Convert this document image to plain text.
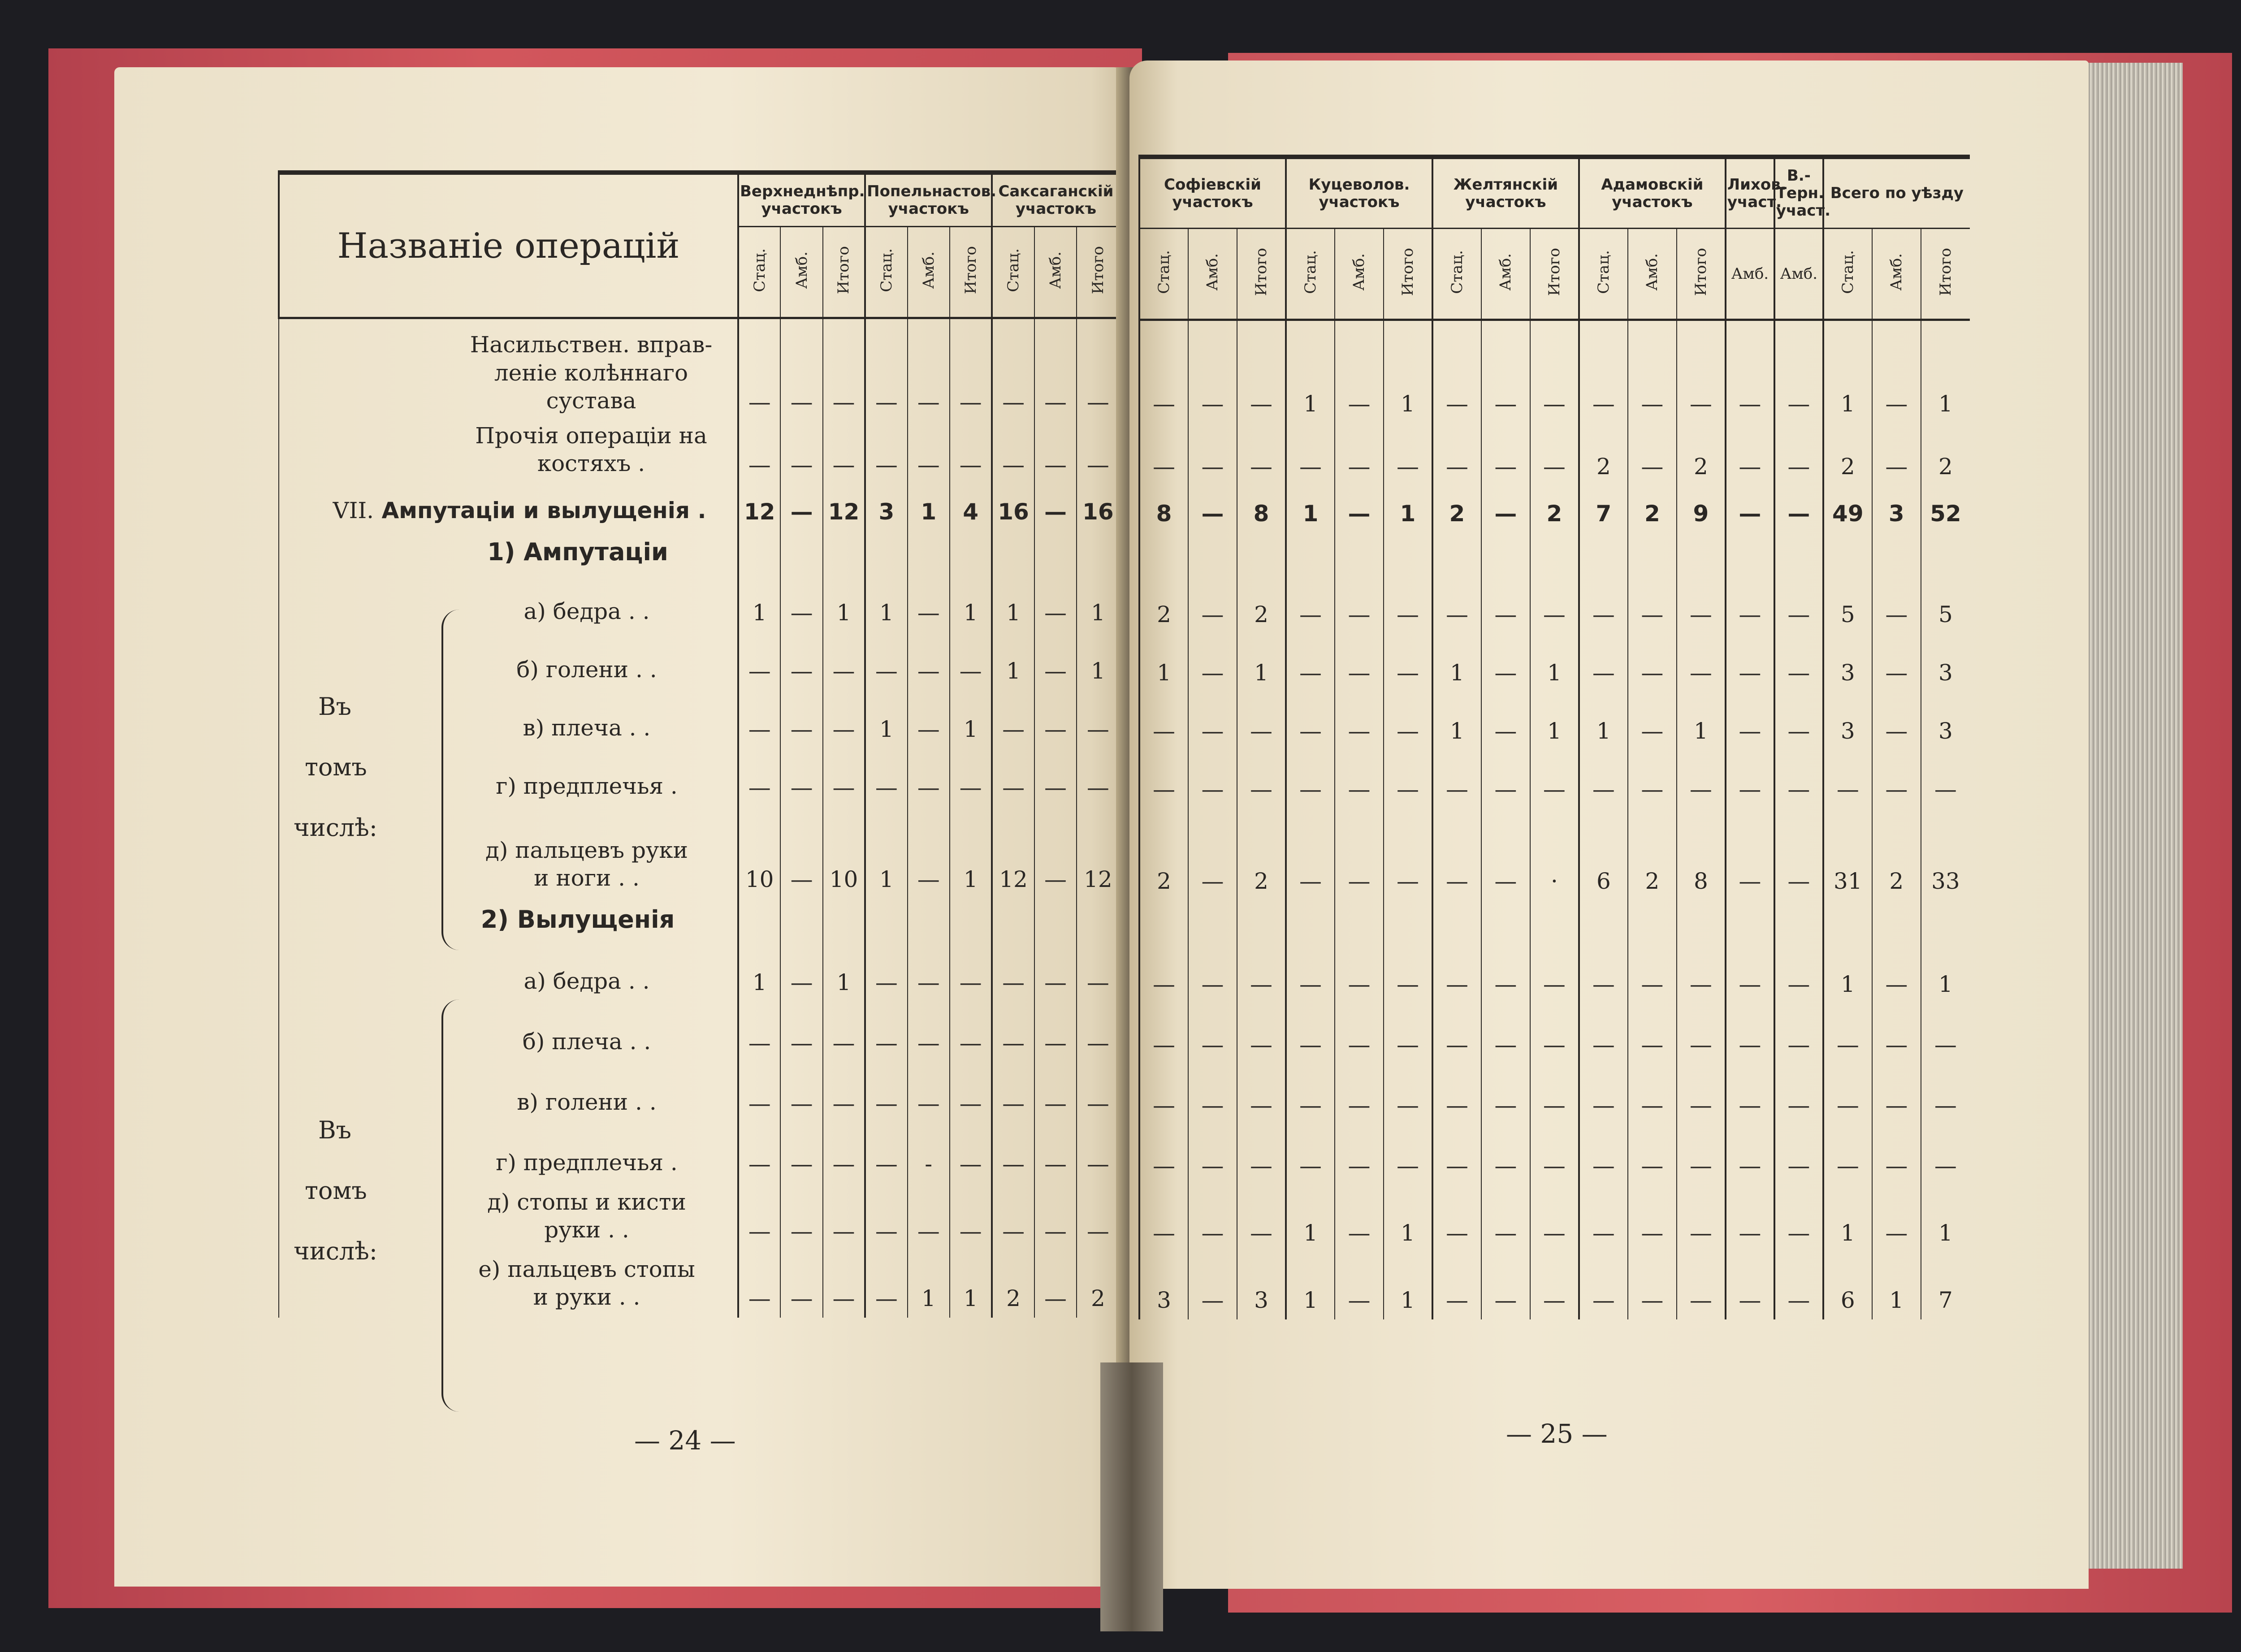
Названіе операцій	Верхнеднѣпр. участокъ			Попельнастов. участокъ			Саксаганскій участокъ		
	Стац.	Амб.	Итого	Стац.	Амб.	Итого	Стац.	Амб.	Итого

Насильствен. вправ-
леніе колѣннаго
сустава	—	—	—	—	—	—	—	—	—

Прочія операціи на
костяхъ .	—	—	—	—	—	—	—	—	—
VII. Ампутаціи и вылущенія .	12	—	12	3	1	4	16	—	16
1) Ампутаціи									

а) бедра . .	1	—	1	1	—	1	1	—	1

б) голени . .	—	—	—	—	—	—	1	—	1

в) плеча . .	—	—	—	1	—	1	—	—	—

г) предплечья .	—	—	—	—	—	—	—	—	—

д) пальцевъ руки
и ноги . .	10	—	10	1	—	1	12	—	12
2) Вылущенія									

а) бедра . .	1	—	1	—	—	—	—	—	—

б) плеча . .	—	—	—	—	—	—	—	—	—

в) голени . .	—	—	—	—	—	—	—	—	—

г) предплечья .	—	—	—	—	-	—	—	—	—

д) стопы и кисти
руки . .	—	—	—	—	—	—	—	—	—

е) пальцевъ стопы
и руки . .	—	—	—	—	1	1	2	—	2
Въ
томъ
числѣ:
Въ
томъ
числѣ:
— 24 —
Софіевскій участокъ			Куцеволов. участокъ			Желтянскій участокъ			Адамовскій участокъ			Лихов. участ.	В.-Терн. участ.	Всего по уѣзду		
Стац.	Амб.	Итого	Стац.	Амб.	Итого	Стац.	Амб.	Итого	Стац.	Амб.	Итого	Амб.	Амб.	Стац.	Амб.	Итого
—	—	—	1	—	1	—	—	—	—	—	—	—	—	1	—	1
—	—	—	—	—	—	—	—	—	2	—	2	—	—	2	—	2
8	—	8	1	—	1	2	—	2	7	2	9	—	—	49	3	52

2	—	2	—	—	—	—	—	—	—	—	—	—	—	5	—	5
1	—	1	—	—	—	1	—	1	—	—	—	—	—	3	—	3
—	—	—	—	—	—	1	—	1	1	—	1	—	—	3	—	3
—	—	—	—	—	—	—	—	—	—	—	—	—	—	—	—	—
2	—	2	—	—	—	—	—	·	6	2	8	—	—	31	2	33

—	—	—	—	—	—	—	—	—	—	—	—	—	—	1	—	1
—	—	—	—	—	—	—	—	—	—	—	—	—	—	—	—	—
—	—	—	—	—	—	—	—	—	—	—	—	—	—	—	—	—
—	—	—	—	—	—	—	—	—	—	—	—	—	—	—	—	—
—	—	—	1	—	1	—	—	—	—	—	—	—	—	1	—	1
3	—	3	1	—	1	—	—	—	—	—	—	—	—	6	1	7
— 25 —
